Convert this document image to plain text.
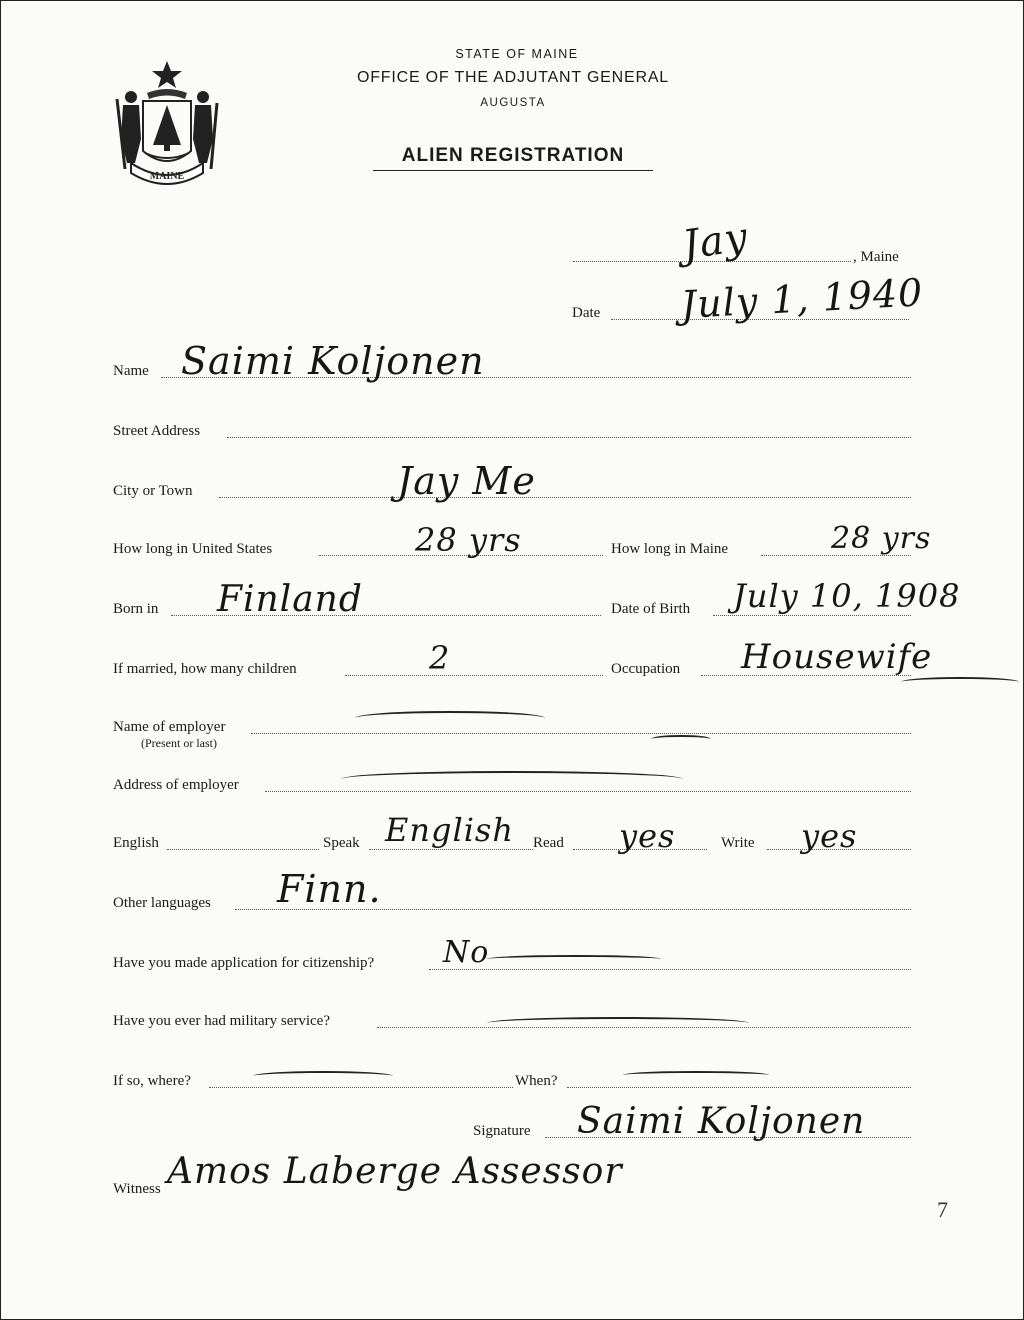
MAINE
STATE OF MAINE
OFFICE OF THE ADJUTANT GENERAL
AUGUSTA
ALIEN REGISTRATION
, Maine
Jay
Date July 1, 1940
Name Saimi Koljonen
Street Address
City or Town	Jay Me
How long in United States	28 yrs	How long in Maine	28 yrs
Born in Finland	Date of Birth July 10, 1908
If married, how many children	2	Occupation Housewife
Name of employer
(Present or last)
Address of employer
English	Speak English Read yes	Write yes
Other languages Finn.
Have you made application for citizenship? No
Have you ever had military service?
If so, where?	When?
Signature Saimi Koljonen
Witness Amos Laberge Assessor
7
